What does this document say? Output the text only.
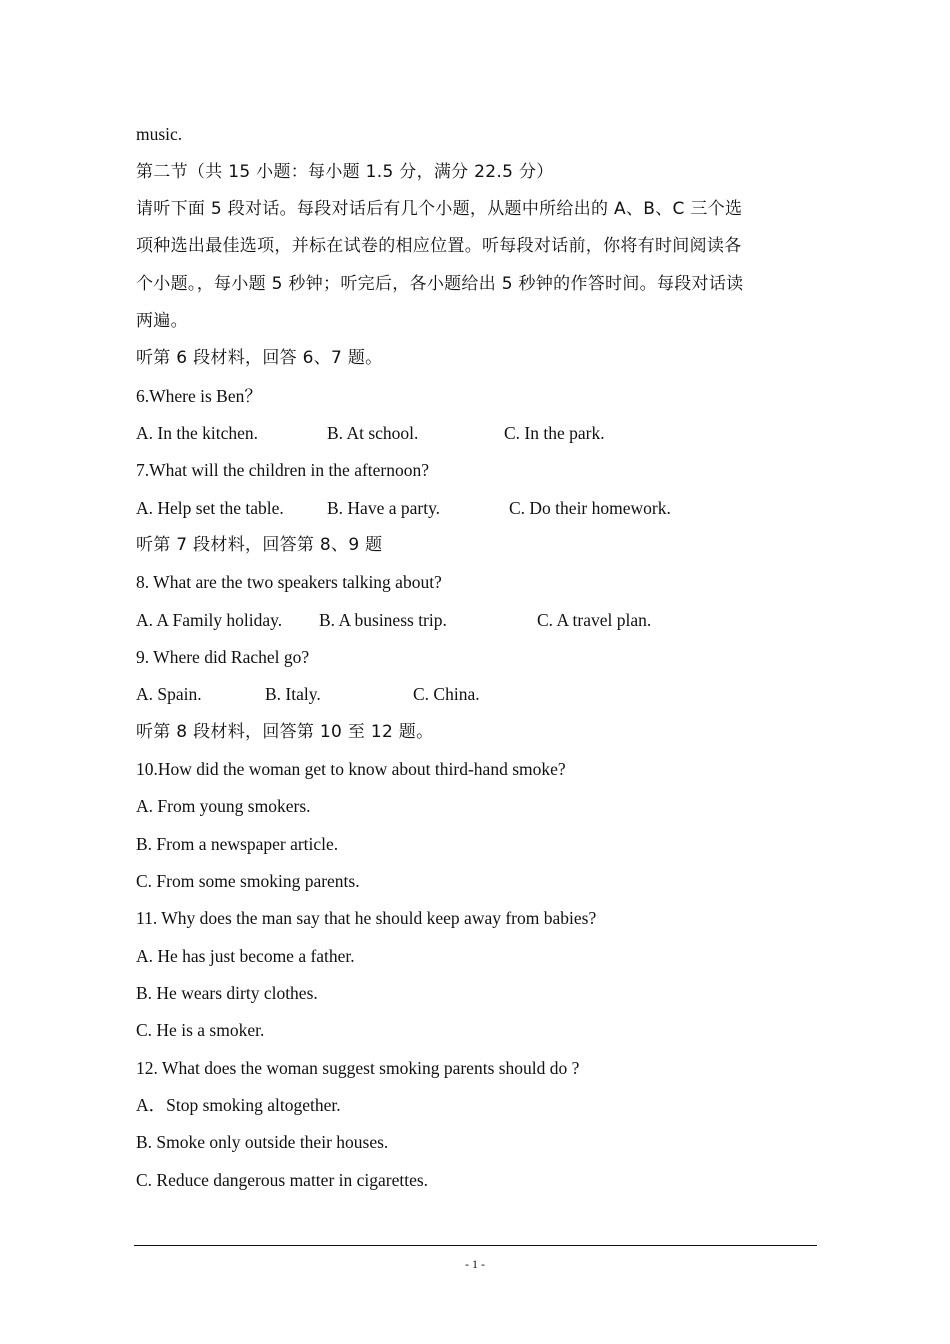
music.
第二节（共 15 小题：每小题 1.5 分，满分 22.5 分）
请听下面 5 段对话。每段对话后有几个小题，从题中所给出的 A、B、C 三个选
项种选出最佳选项，并标在试卷的相应位置。听每段对话前，你将有时间阅读各
个小题。，每小题 5 秒钟；听完后，各小题给出 5 秒钟的作答时间。每段对话读
两遍。
听第 6 段材料，回答 6、7 题。
6.Where is Ben？
A. In the kitchen.	B. At school.	C. In the park.
7.What will the children in the afternoon?
A. Help set the table. B. Have a party.	C. Do their homework.
听第 7 段材料，回答第 8、9 题
8. What are the two speakers talking about?
A. A Family holiday. B. A business trip.	C. A travel plan.
9. Where did Rachel go?
A. Spain.	B. Italy.	C. China.
听第 8 段材料，回答第 10 至 12 题。
10.How did the woman get to know about third-hand smoke?
A. From young smokers.
B. From a newspaper article.
C. From some smoking parents.
11. Why does the man say that he should keep away from babies?
A. He has just become a father.
B. He wears dirty clothes.
C. He is a smoker.
12. What does the woman suggest smoking parents should do ?
A．Stop smoking altogether.
B. Smoke only outside their houses.
C. Reduce dangerous matter in cigarettes.
- 1 -
